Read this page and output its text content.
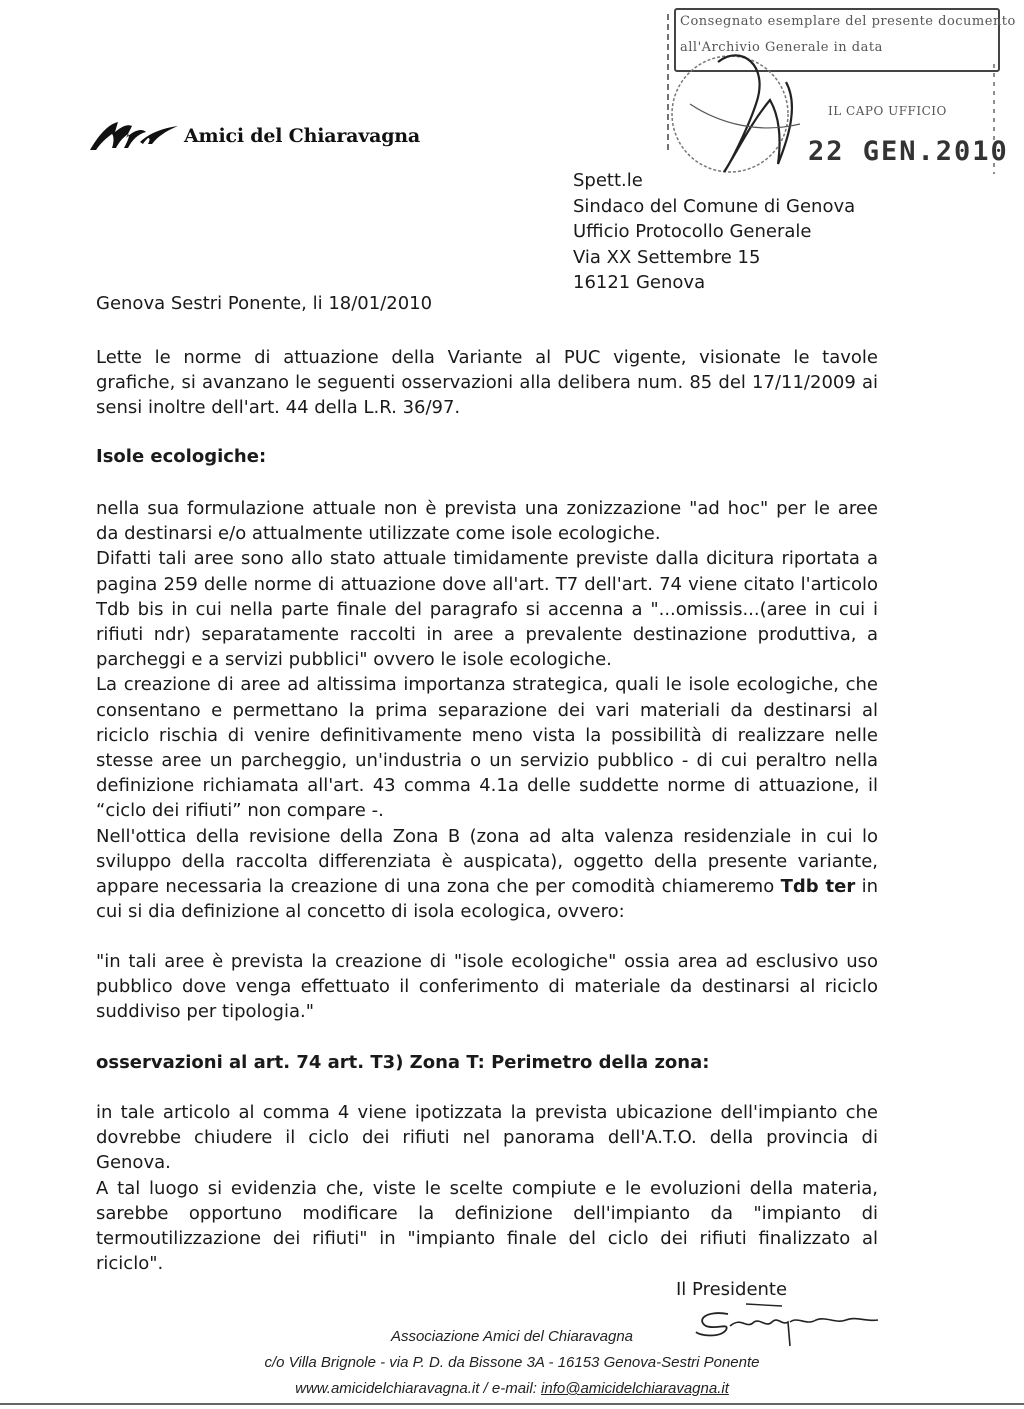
Amici del Chiaravagna
Consegnato esemplare del presente documento
all'Archivio Generale in data
IL CAPO UFFICIO
22 GEN.2010
Spett.le
Sindaco del Comune di Genova
Ufficio Protocollo Generale
Via XX Settembre 15
16121 Genova
Genova Sestri Ponente, li 18/01/2010

Lette le norme di attuazione della Variante al PUC vigente, visionate le tavole grafiche, si avanzano le seguenti osservazioni alla delibera num. 85 del 17/11/2009 ai sensi inoltre dell'art. 44 della L.R. 36/97.

Isole ecologiche:

nella sua formulazione attuale non è prevista una zonizzazione "ad hoc" per le aree da destinarsi e/o attualmente utilizzate come isole ecologiche.

Difatti tali aree sono allo stato attuale timidamente previste dalla dicitura riportata a pagina 259 delle norme di attuazione dove all'art. T7 dell'art. 74 viene citato l'articolo Tdb bis in cui nella parte finale del paragrafo si accenna a "...omissis...(aree in cui i rifiuti ndr) separatamente raccolti in aree a prevalente destinazione produttiva, a parcheggi e a servizi pubblici" ovvero le isole ecologiche.

La creazione di aree ad altissima importanza strategica, quali le isole ecologiche, che consentano e permettano la prima separazione dei vari materiali da destinarsi al riciclo rischia di venire definitivamente meno vista la possibilità di realizzare nelle stesse aree un parcheggio, un'industria o un servizio pubblico - di cui peraltro nella definizione richiamata all'art. 43 comma 4.1a delle suddette norme di attuazione, il “ciclo dei rifiuti” non compare -.

Nell'ottica della revisione della Zona B (zona ad alta valenza residenziale in cui lo sviluppo della raccolta differenziata è auspicata), oggetto della presente variante, appare necessaria la creazione di una zona che per comodità chiameremo Tdb ter in cui si dia definizione al concetto di isola ecologica, ovvero:

"in tali aree è prevista la creazione di "isole ecologiche" ossia area ad esclusivo uso pubblico dove venga effettuato il conferimento di materiale da destinarsi al riciclo suddiviso per tipologia."

osservazioni al art. 74 art. T3) Zona T: Perimetro della zona:

in tale articolo al comma 4 viene ipotizzata la prevista ubicazione dell'impianto che dovrebbe chiudere il ciclo dei rifiuti nel panorama dell'A.T.O. della provincia di Genova.

A tal luogo si evidenzia che, viste le scelte compiute e le evoluzioni della materia, sarebbe opportuno modificare la definizione dell'impianto da "impianto di termoutilizzazione dei rifiuti" in "impianto finale del ciclo dei rifiuti finalizzato al riciclo".

Il Presidente
Associazione Amici del Chiaravagna
c/o Villa Brignole - via P. D. da Bissone 3A - 16153 Genova-Sestri Ponente
www.amicidelchiaravagna.it / e-mail: info@amicidelchiaravagna.it
